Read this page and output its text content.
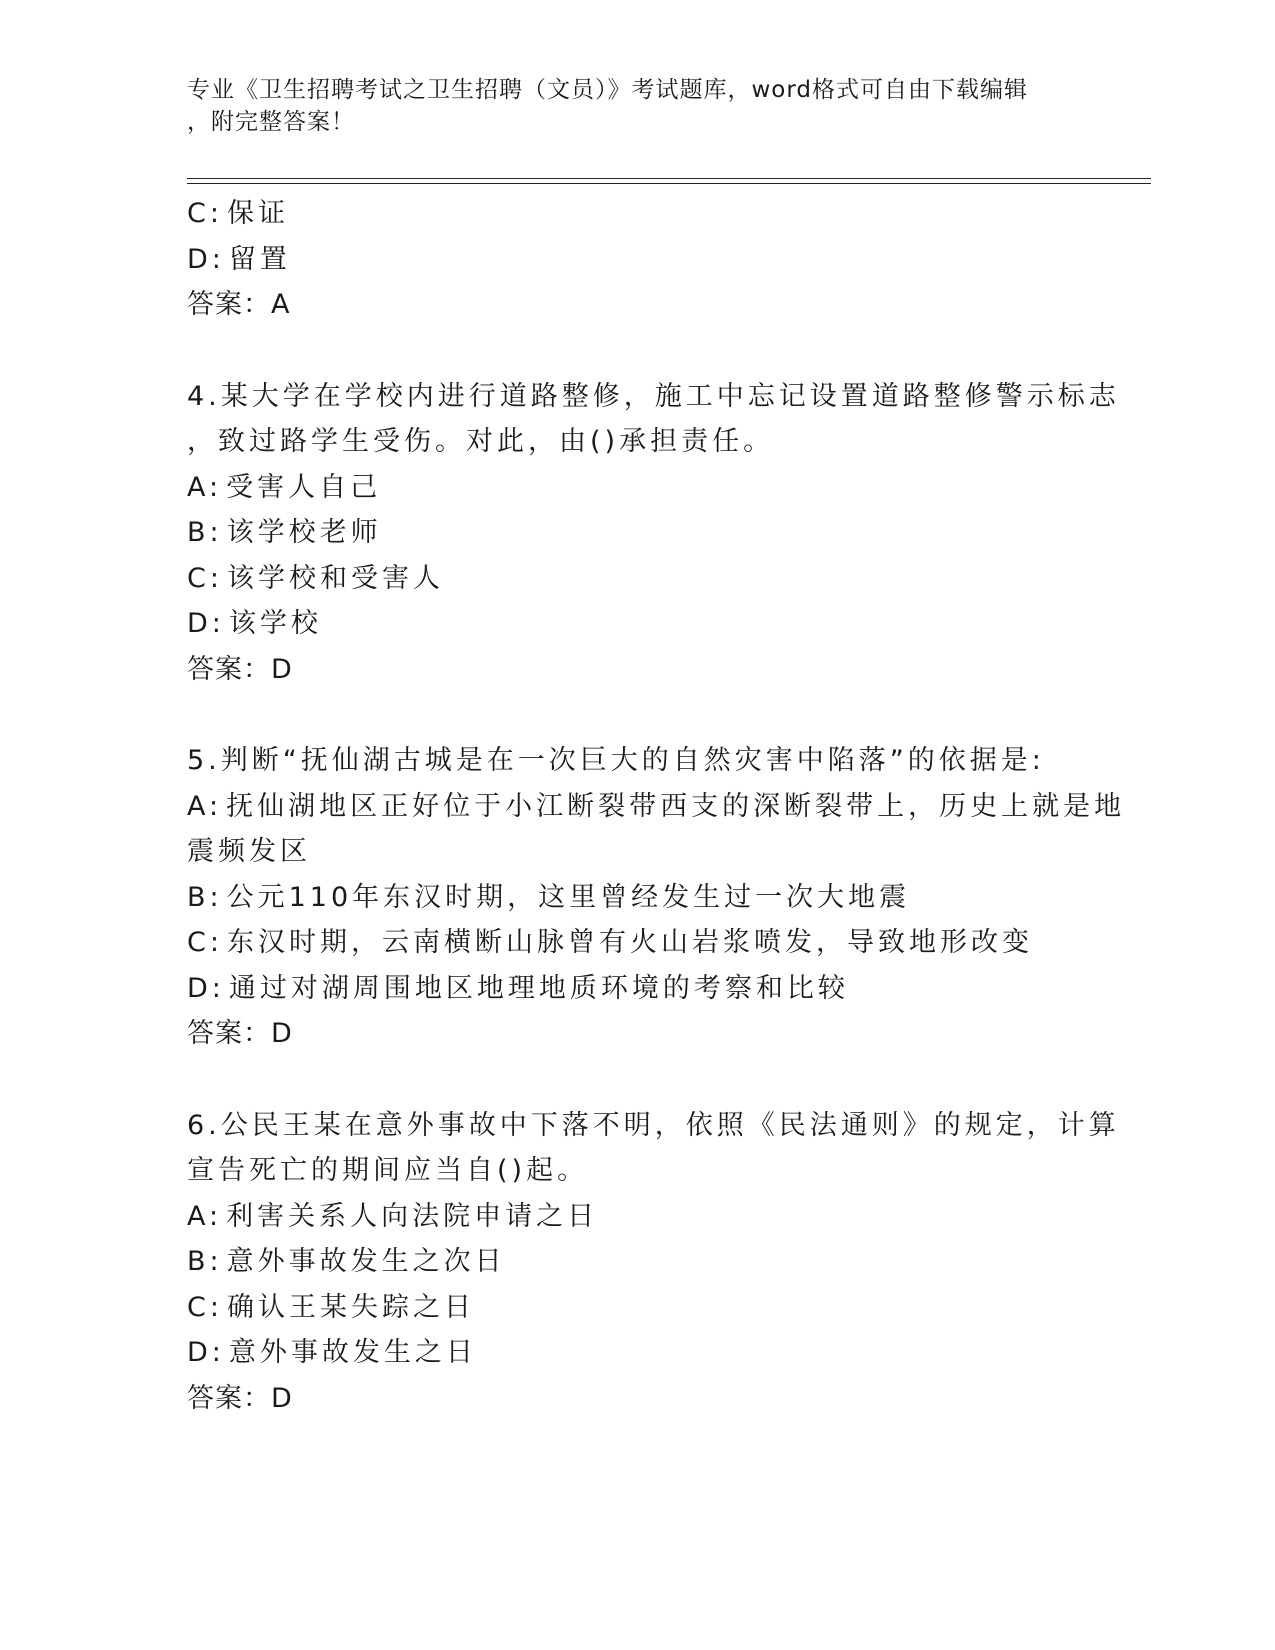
专业《卫生招聘考试之卫生招聘（文员）》考试题库，word格式可自由下载编辑
，附完整答案！
C: 保证
D: 留置
答案：A
4.某大学在学校内进行道路整修，施工中忘记设置道路整修警示标志
，致过路学生受伤。对此，由()承担责任。
A: 受害人自己
B: 该学校老师
C: 该学校和受害人
D: 该学校
答案：D
5.判断“抚仙湖古城是在一次巨大的自然灾害中陷落”的依据是:
A: 抚仙湖地区正好位于小江断裂带西支的深断裂带上，历史上就是地
震频发区
B: 公元110年东汉时期，这里曾经发生过一次大地震
C: 东汉时期，云南横断山脉曾有火山岩浆喷发，导致地形改变
D: 通过对湖周围地区地理地质环境的考察和比较
答案：D
6.公民王某在意外事故中下落不明，依照《民法通则》的规定，计算
宣告死亡的期间应当自()起。
A: 利害关系人向法院申请之日
B: 意外事故发生之次日
C: 确认王某失踪之日
D: 意外事故发生之日
答案：D
